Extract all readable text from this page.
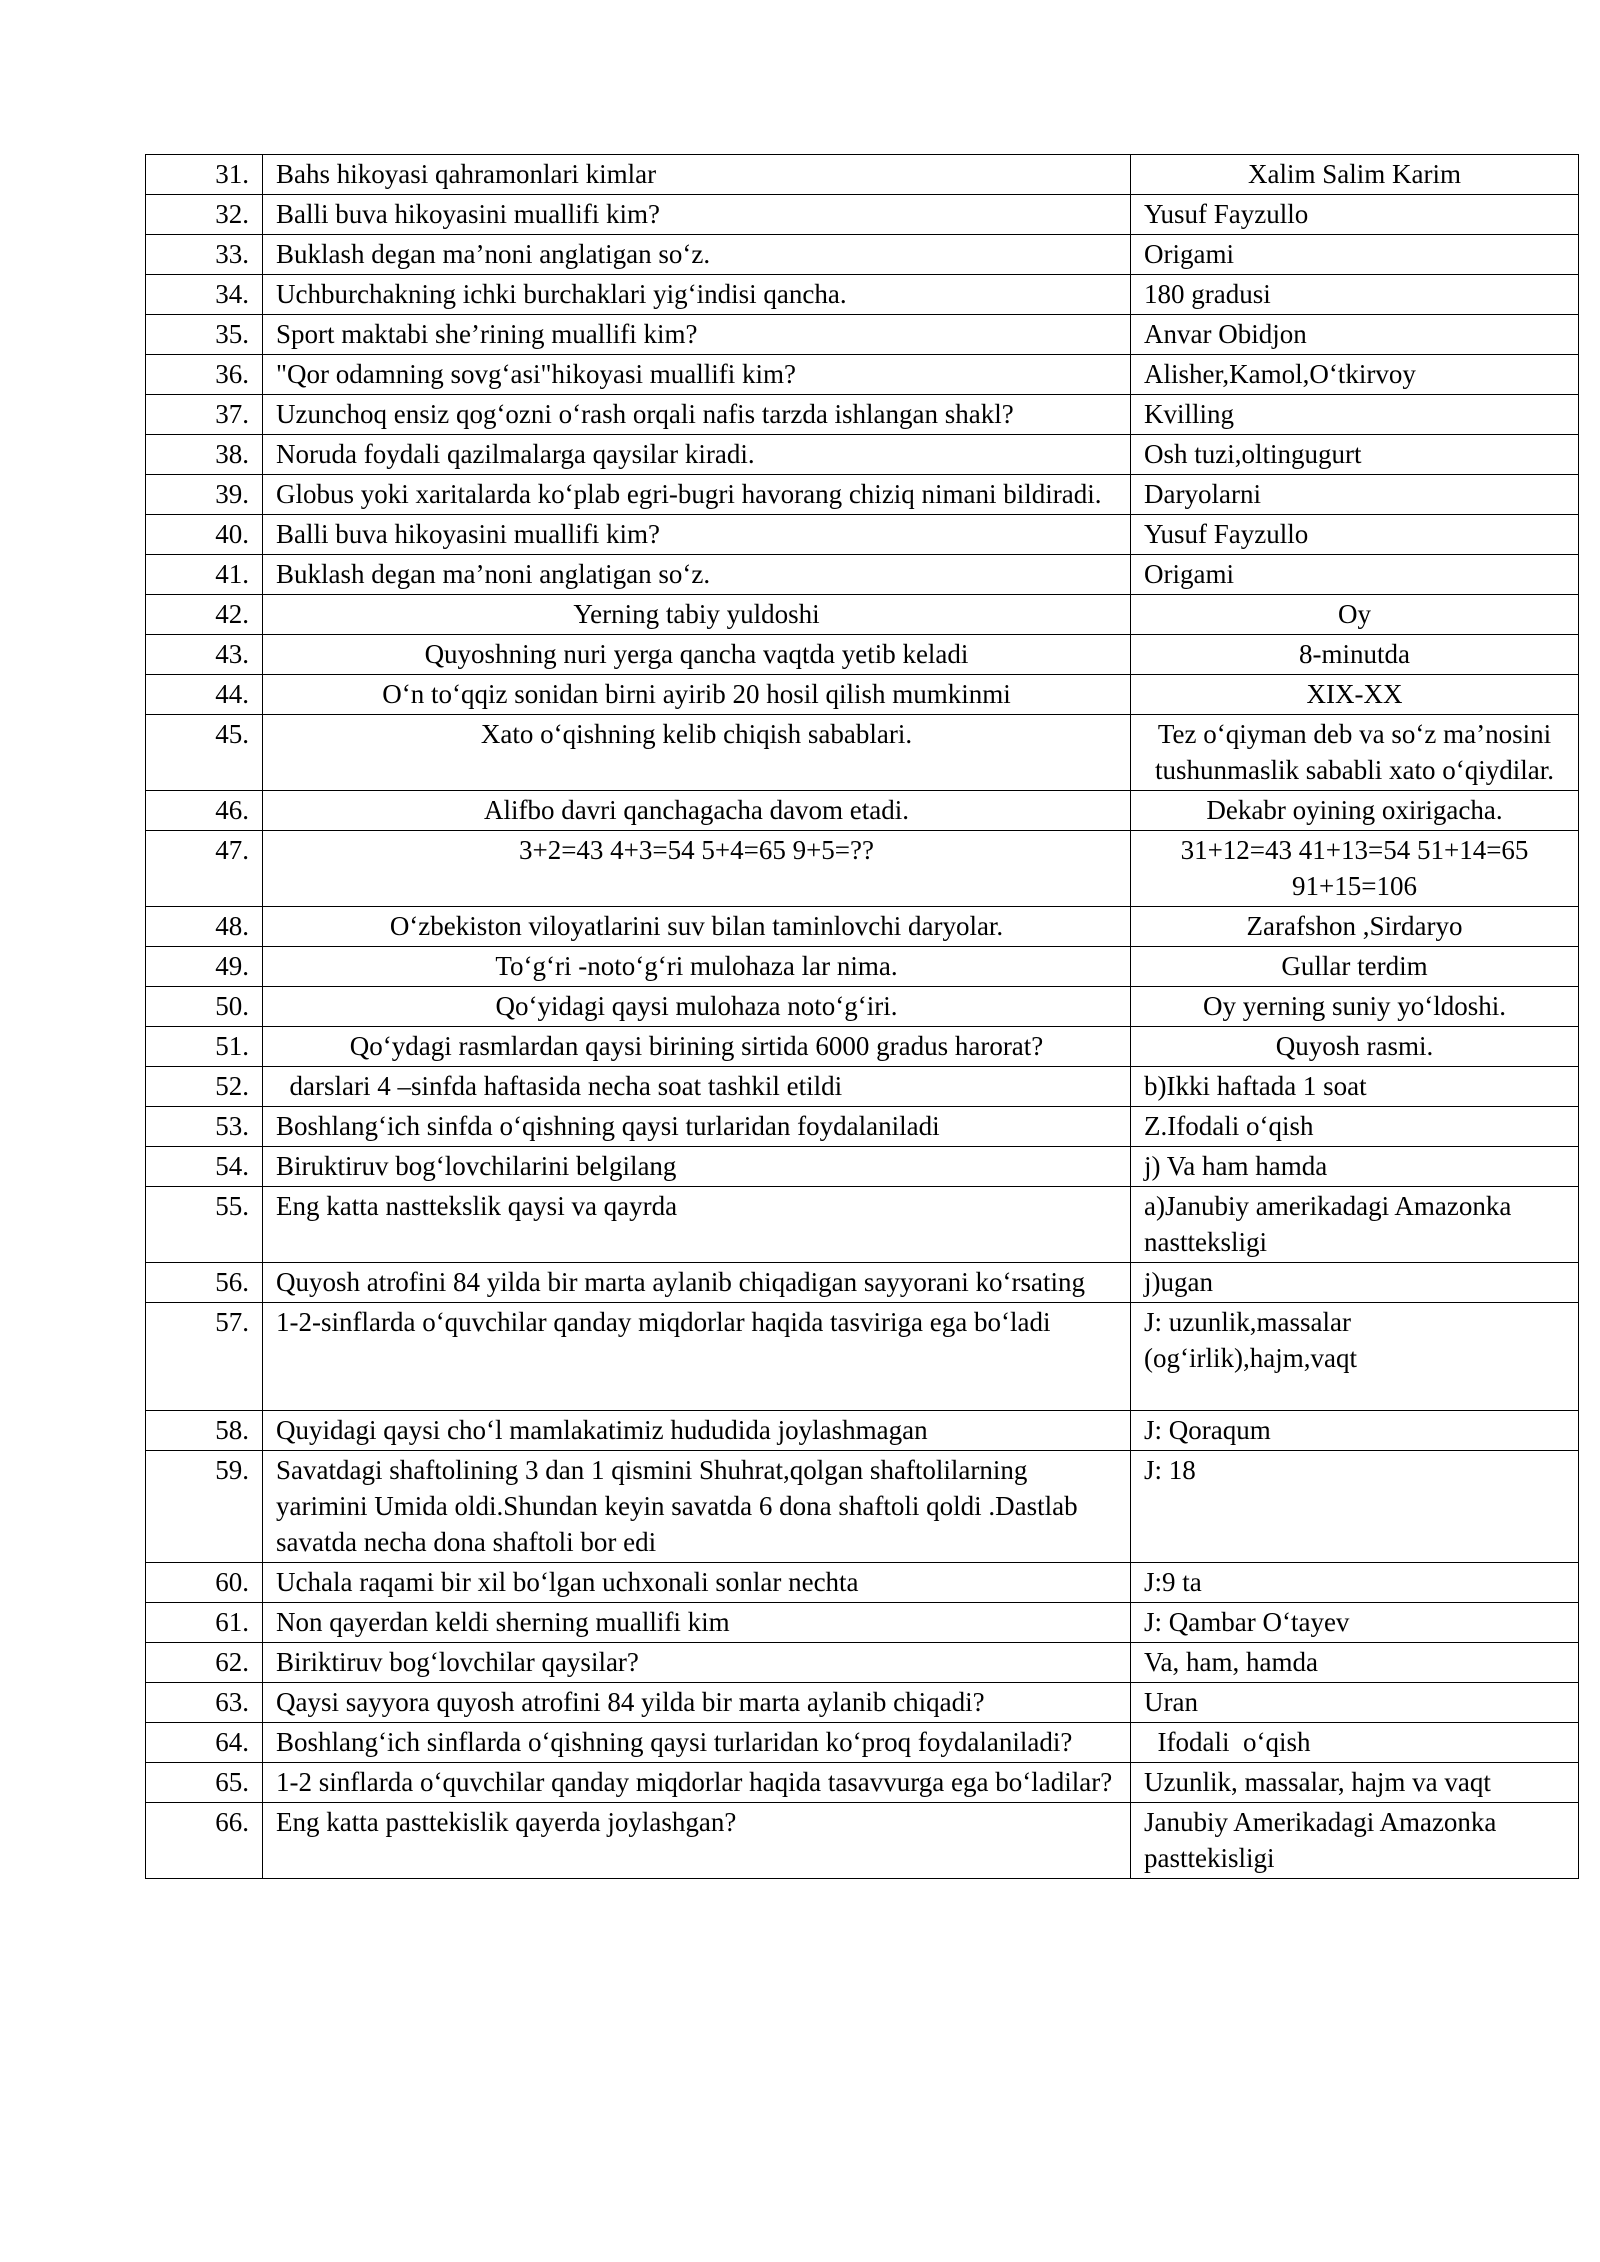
31.	Bahs hikoyasi qahramonlari kimlar	Xalim Salim Karim
32.	Balli buva hikoyasini muallifi kim?	Yusuf Fayzullo
33.	Buklash degan ma’noni anglatigan so‘z.	Origami
34.	Uchburchakning ichki burchaklari yig‘indisi qancha.	180 gradusi
35.	Sport maktabi she’rining muallifi kim?	Anvar Obidjon
36.	"Qor odamning sovg‘asi"hikoyasi muallifi kim?	Alisher,Kamol,O‘tkirvoy
37.	Uzunchoq ensiz qog‘ozni o‘rash orqali nafis tarzda ishlangan shakl?	Kvilling
38.	Noruda foydali qazilmalarga qaysilar kiradi.	Osh tuzi,oltingugurt
39.	Globus yoki xaritalarda ko‘plab egri-bugri havorang chiziq nimani bildiradi.	Daryolarni
40.	Balli buva hikoyasini muallifi kim?	Yusuf Fayzullo
41.	Buklash degan ma’noni anglatigan so‘z.	Origami
42.	Yerning tabiy yuldoshi	Oy
43.	Quyoshning nuri yerga qancha vaqtda yetib keladi	8-minutda
44.	O‘n to‘qqiz sonidan birni ayirib 20 hosil qilish mumkinmi	XIX-XX
45.	Xato o‘qishning kelib chiqish sabablari.	Tez o‘qiyman deb va so‘z ma’nosini tushunmaslik sababli xato o‘qiydilar.
46.	Alifbo davri qanchagacha davom etadi.	Dekabr oyining oxirigacha.
47.	3+2=43 4+3=54 5+4=65 9+5=??	31+12=43 41+13=54 51+14=65 91+15=106
48.	O‘zbekiston viloyatlarini suv bilan taminlovchi daryolar.	Zarafshon ,Sirdaryo
49.	To‘g‘ri -noto‘g‘ri mulohaza lar nima.	Gullar terdim
50.	Qo‘yidagi qaysi mulohaza noto‘g‘iri.	Oy yerning suniy yo‘ldoshi.
51.	Qo‘ydagi rasmlardan qaysi birining sirtida 6000 gradus harorat?	Quyosh rasmi.
52.	darslari 4 –sinfda haftasida necha soat tashkil etildi	b)Ikki haftada 1 soat
53.	Boshlang‘ich sinfda o‘qishning qaysi turlaridan foydalaniladi	Z.Ifodali o‘qish
54.	Biruktiruv bog‘lovchilarini belgilang	j) Va ham hamda
55.	Eng katta nasttekslik qaysi va qayrda	a)Janubiy amerikadagi Amazonka nastteksligi
56.	Quyosh atrofini 84 yilda bir marta aylanib chiqadigan sayyorani ko‘rsating	j)ugan
57.	1-2-sinflarda o‘quvchilar qanday miqdorlar haqida tasviriga ega bo‘ladi	J: uzunlik,massalar (og‘irlik),hajm,vaqt
58.	Quyidagi qaysi cho‘l mamlakatimiz hududida joylashmagan	J: Qoraqum
59.	Savatdagi shaftolining 3 dan 1 qismini Shuhrat,qolgan shaftolilarning yarimini Umida oldi.Shundan keyin savatda 6 dona shaftoli qoldi .Dastlab savatda necha dona shaftoli bor edi	J: 18
60.	Uchala raqami bir xil bo‘lgan uchxonali sonlar nechta	J:9 ta
61.	Non qayerdan keldi sherning muallifi kim	J: Qambar O‘tayev
62.	Biriktiruv bog‘lovchilar qaysilar?	Va, ham, hamda
63.	Qaysi sayyora quyosh atrofini 84 yilda bir marta aylanib chiqadi?	Uran
64.	Boshlang‘ich sinflarda o‘qishning qaysi turlaridan ko‘proq foydalaniladi?	Ifodali  o‘qish
65.	1-2 sinflarda o‘quvchilar qanday miqdorlar haqida tasavvurga ega bo‘ladilar?	Uzunlik, massalar, hajm va vaqt
66.	Eng katta pasttekislik qayerda joylashgan?	Janubiy Amerikadagi Amazonka pasttekisligi
